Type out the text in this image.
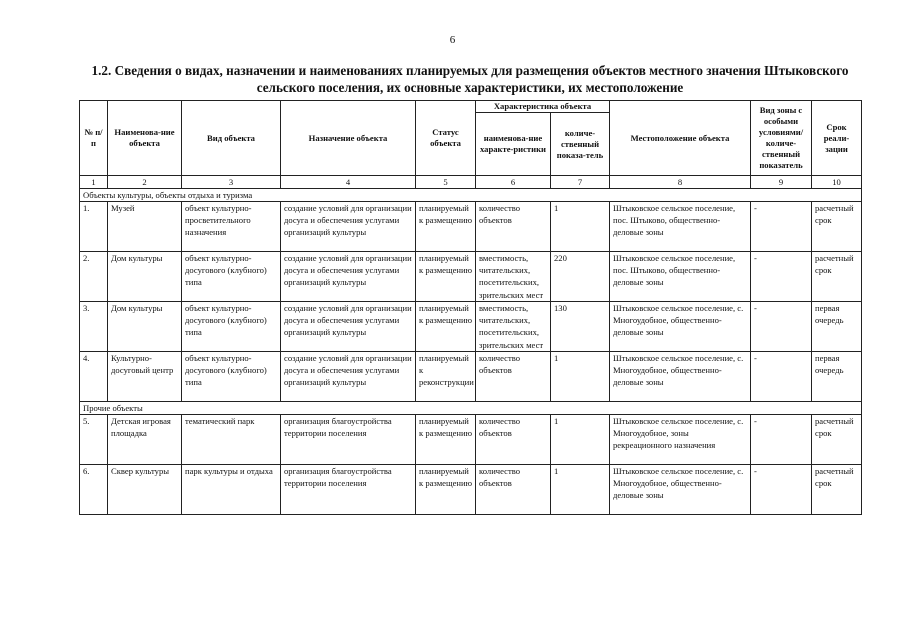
6
1.2. Сведения о видах, назначении и наименованиях планируемых для размещения объектов местного значения Штыковского сельского поселения, их основные характеристики, их местоположение
№ п/п	Наименова-ние объекта	Вид объекта	Назначение объекта	Статус объекта	Характеристика объекта		Местоположение объекта	Вид зоны с особыми условиями/ количе-ственный показатель	Срок реали-зации
					наименова-ние характе-ристики	количе-ственный показа-тель			
1	2	3	4	5	6	7	8	9	10
Объекты культуры, объекты отдыха и туризма									
1.	Музей	объект культурно-просветительного назначения	создание условий для организации досуга и обеспечения услугами организаций культуры	планируемый к размещению	количество объектов	1	Штыковское сельское поселение, пос. Штыково, общественно-деловые зоны	-	расчетный срок
2.	Дом культуры	объект культурно-досугового (клубного) типа	создание условий для организации досуга и обеспечения услугами организаций культуры	планируемый к размещению	вместимость, читательских, посетительских, зрительских мест	220	Штыковское сельское поселение, пос. Штыково, общественно-деловые зоны	-	расчетный срок
3.	Дом культуры	объект культурно-досугового (клубного) типа	создание условий для организации досуга и обеспечения услугами организаций культуры	планируемый к размещению	вместимость, читательских, посетительских, зрительских мест	130	Штыковское сельское поселение, с. Многоудобное, общественно-деловые зоны	-	первая очередь
4.	Культурно-досуговый центр	объект культурно-досугового (клубного) типа	создание условий для организации досуга и обеспечения услугами организаций культуры	планируемый к реконструкции	количество объектов	1	Штыковское сельское поселение, с. Многоудобное, общественно-деловые зоны	-	первая очередь
Прочие объекты									
5.	Детская игровая площадка	тематический парк	организация благоустройства территории поселения	планируемый к размещению	количество объектов	1	Штыковское сельское поселение, с. Многоудобное, зоны рекреационного назначения	-	расчетный срок
6.	Сквер культуры	парк культуры и отдыха	организация благоустройства территории поселения	планируемый к размещению	количество объектов	1	Штыковское сельское поселение, с. Многоудобное, общественно-деловые зоны	-	расчетный срок
